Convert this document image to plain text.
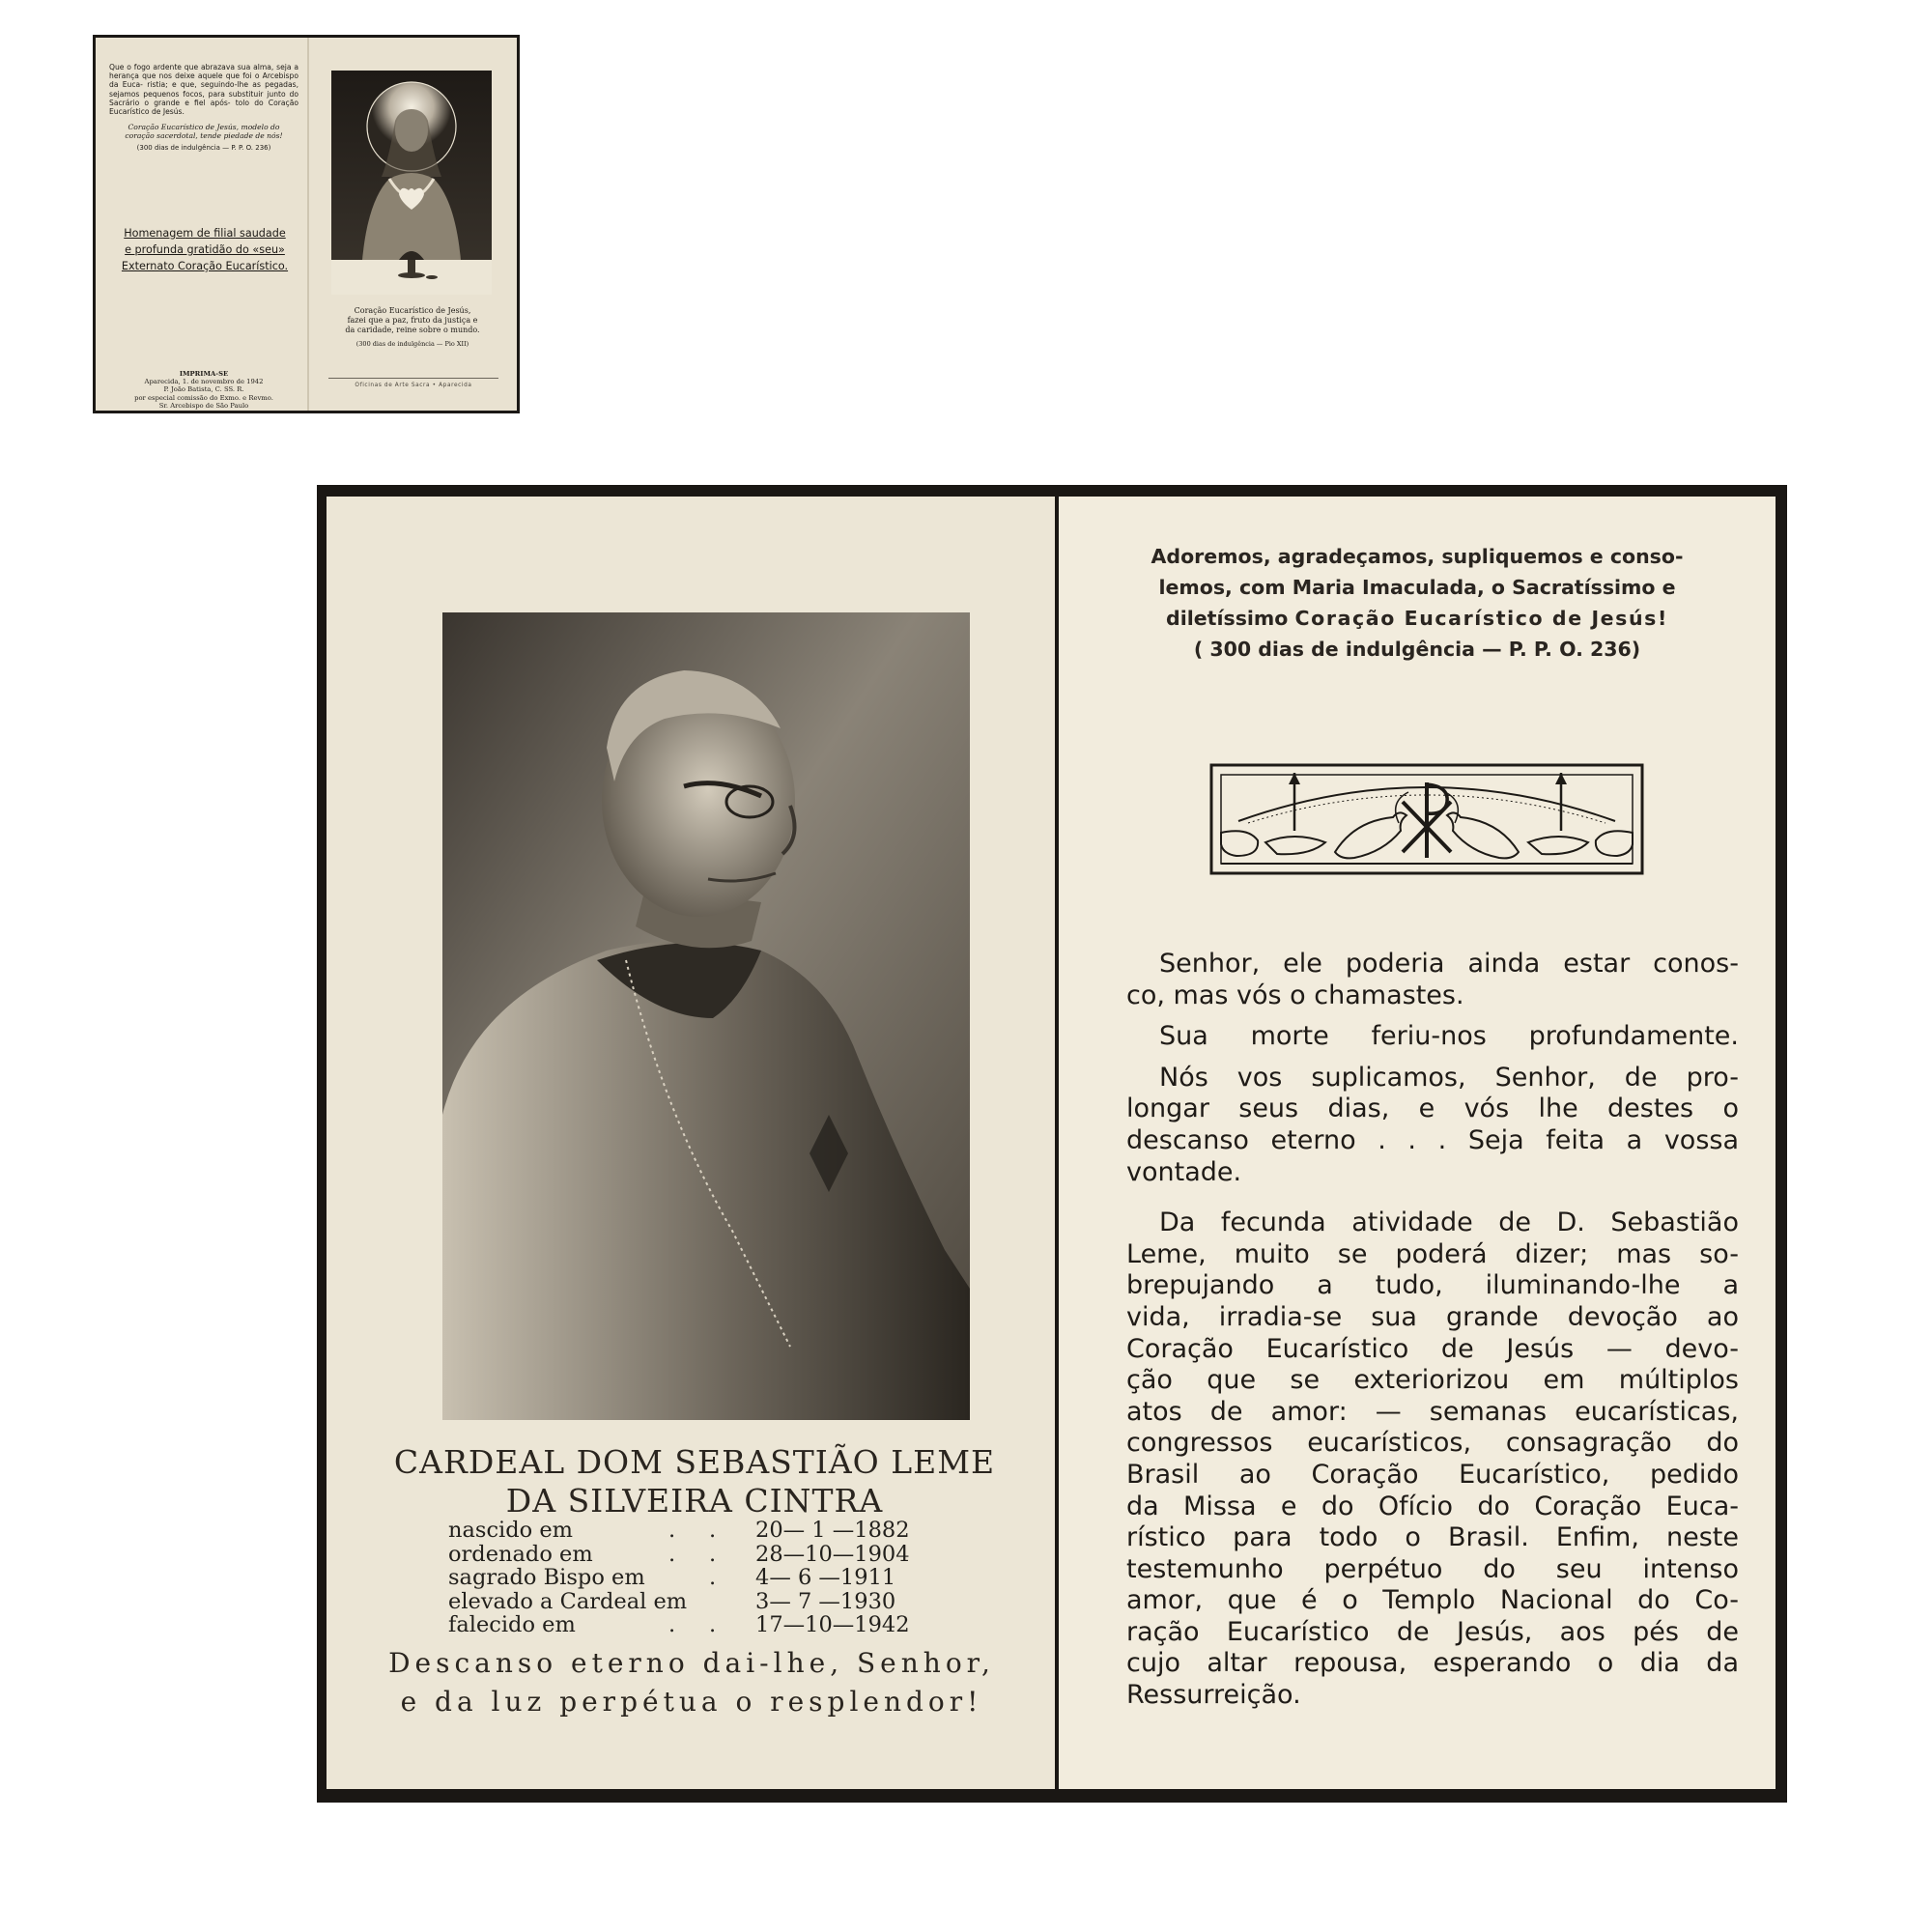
Que o fogo ardente que abrazava sua alma, seja a herança que nos deixe aquele que foi o Arcebispo da Euca- ristia; e que, seguindo-lhe as pegadas, sejamos pequenos focos, para substituir junto do Sacrário o grande e fiel após- tolo do Coração Eucarístico de Jesús.

Coração Eucarístico de Jesús, modelo do
coração sacerdotal, tende piedade de nós!

(300 dias de indulgência — P. P. O. 236)

Homenagem de filial saudade
e profunda gratidão do «seu»
Externato Coração Eucarístico.
IMPRIMA-SE
Aparecida, 1. de novembro de 1942
P. João Batista, C. SS. R.
por especial comissão do Exmo. e Revmo.
Sr. Arcebispo de São Paulo
Coração Eucarístico de Jesús,
fazei que a paz, fruto da justiça e
da caridade, reine sobre o mundo.
(300 dias de indulgência — Pio XII)
Oficinas de Arte Sacra • Aparecida
CARDEAL DOM SEBASTIÃO LEME
DA SILVEIRA CINTRA
nascido em	. . 20— 1 —1882
ordenado em	. . 28—10—1904
sagrado Bispo em	. 4— 6 —1911
elevado a Cardeal em	3— 7 —1930
falecido em	. . 17—10—1942
Descanso eterno dai-lhe, Senhor,
e da luz perpétua o resplendor!
Adoremos, agradeçamos, supliquemos e conso-
lemos, com Maria Imaculada, o Sacratíssimo e
diletíssimo Coração Eucarístico de Jesús!
( 300 dias de indulgência — P. P. O. 236)

Senhor, ele poderia ainda estar conos-
co, mas vós o chamastes.

Sua morte feriu-nos profundamente.

Nós vos suplicamos, Senhor, de pro-
longar seus dias, e vós lhe destes o
descanso eterno . . . Seja feita a vossa
vontade.

Da fecunda atividade de D. Sebastião
Leme, muito se poderá dizer; mas so-
brepujando a tudo, iluminando-lhe a
vida, irradia-se sua grande devoção ao
Coração Eucarístico de Jesús — devo-
ção que se exteriorizou em múltiplos
atos de amor: — semanas eucarísticas,
congressos eucarísticos, consagração do
Brasil ao Coração Eucarístico, pedido
da Missa e do Ofício do Coração Euca-
rístico para todo o Brasil. Enfim, neste
testemunho perpétuo do seu intenso
amor, que é o Templo Nacional do Co-
ração Eucarístico de Jesús, aos pés de
cujo altar repousa, esperando o dia da
Ressurreição.
